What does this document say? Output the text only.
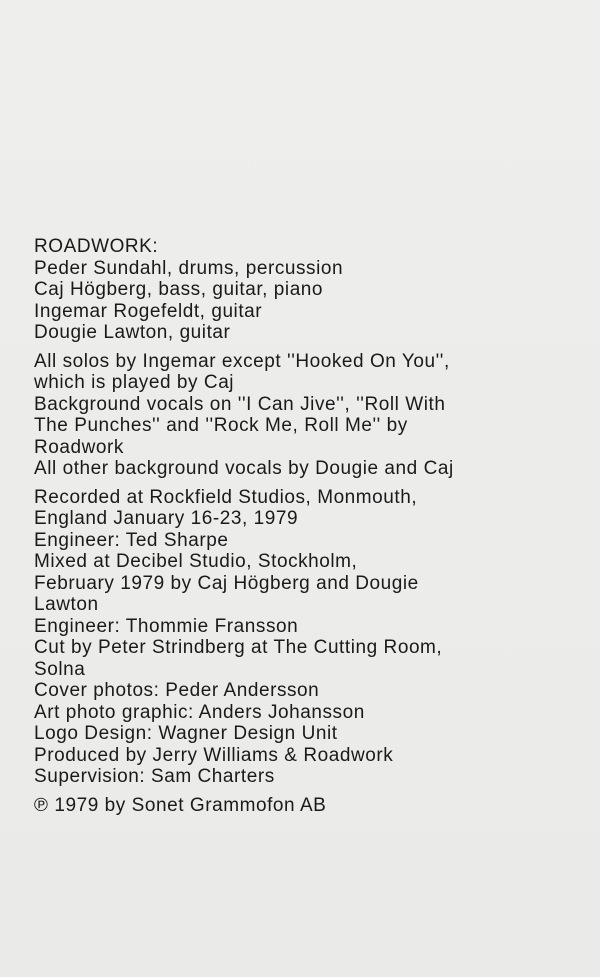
ROADWORK:
Peder Sundahl, drums, percussion
Caj Högberg, bass, guitar, piano
Ingemar Rogefeldt, guitar
Dougie Lawton, guitar
All solos by Ingemar except ''Hooked On You'',
which is played by Caj
Background vocals on ''I Can Jive'', ''Roll With
The Punches'' and ''Rock Me, Roll Me'' by
Roadwork
All other background vocals by Dougie and Caj
Recorded at Rockfield Studios, Monmouth,
England January 16-23, 1979
Engineer: Ted Sharpe
Mixed at Decibel Studio, Stockholm,
February 1979 by Caj Högberg and Dougie
Lawton
Engineer: Thommie Fransson
Cut by Peter Strindberg at The Cutting Room,
Solna
Cover photos: Peder Andersson
Art photo graphic: Anders Johansson
Logo Design: Wagner Design Unit
Produced by Jerry Williams & Roadwork
Supervision: Sam Charters
℗ 1979 by Sonet Grammofon AB
